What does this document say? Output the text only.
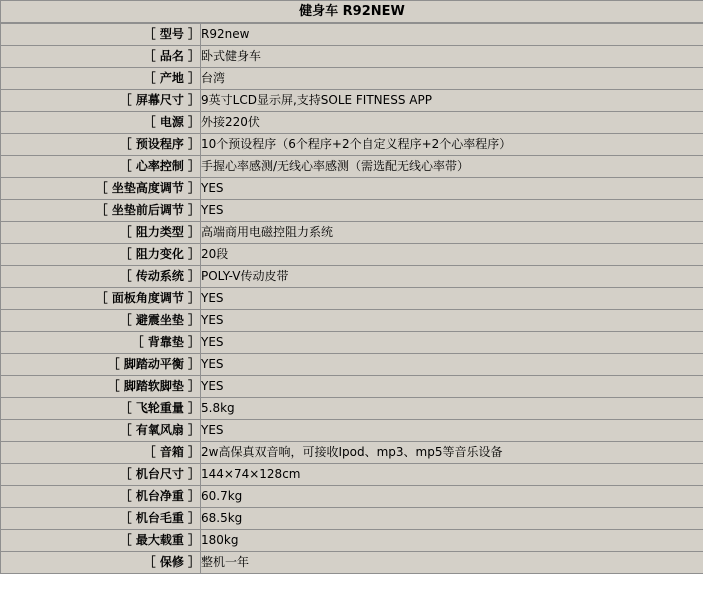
健身车 R92NEW
［ 型号 ］	R92new
［ 品名 ］	卧式健身车
［ 产地 ］	台湾
［ 屏幕尺寸 ］	9英寸LCD显示屏,支持SOLE FITNESS APP
［ 电源 ］	外接220伏
［ 预设程序 ］	10个预设程序（6个程序+2个自定义程序+2个心率程序）
［ 心率控制 ］	手握心率感测/无线心率感测（需选配无线心率带）
［ 坐垫高度调节 ］	YES
［ 坐垫前后调节 ］	YES
［ 阻力类型 ］	高端商用电磁控阻力系统
［ 阻力变化 ］	20段
［ 传动系统 ］	POLY-V传动皮带
［ 面板角度调节 ］	YES
［ 避震坐垫 ］	YES
［ 背靠垫 ］	YES
［ 脚踏动平衡 ］	YES
［ 脚踏软脚垫 ］	YES
［ 飞轮重量 ］	5.8kg
［ 有氧风扇 ］	YES
［ 音箱 ］	2w高保真双音响，可接收Ipod、mp3、mp5等音乐设备
［ 机台尺寸 ］	144×74×128cm
［ 机台净重 ］	60.7kg
［ 机台毛重 ］	68.5kg
［ 最大载重 ］	180kg
［ 保修 ］	整机一年
